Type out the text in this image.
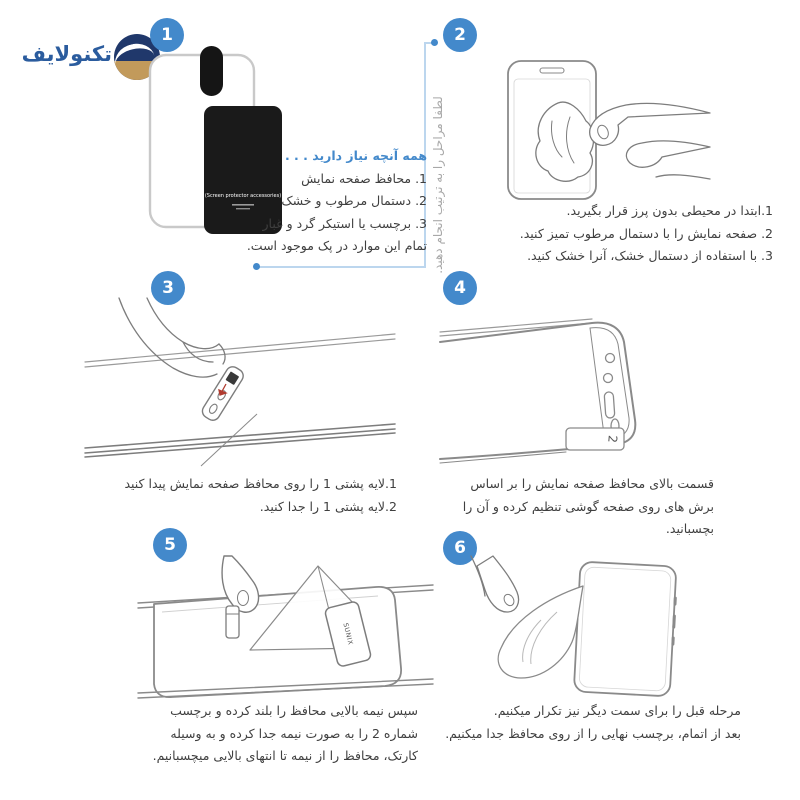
تکنولایف
لطفا مراحل را به ترتیب انجام دهید.
1
(Screen protector accessories)
همه آنچه نیاز دارید . . .
1. محافظ صفحه نمایش
2. دستمال مرطوب و خشک
3. برچسب یا استیکر گرد و غبار
تمام این موارد در پک موجود است.
2
1.ابتدا در محیطی بدون پرز قرار بگیرید.
2. صفحه نمایش را با دستمال مرطوب تمیز کنید.
3. با استفاده از دستمال خشک، آنرا خشک کنید.
3
1.لایه پشتی 1 را روی محافظ صفحه نمایش پیدا کنید
2.لایه پشتی 1 را جدا کنید.
4
2
قسمت بالای محافظ صفحه نمایش را بر اساس
برش های روی صفحه گوشی تنظیم کرده و آن را
بچسبانید.
5
SUNIX
سپس نیمه بالایی محافظ را بلند کرده و برچسب
شماره 2 را به صورت نیمه جدا کرده و به وسیله
کارتک، محافظ را از نیمه تا انتهای بالایی میچسبانیم.
6
مرحله قبل را برای سمت دیگر نیز تکرار میکنیم.
بعد از اتمام، برچسب نهایی را از روی محافظ جدا میکنیم.
